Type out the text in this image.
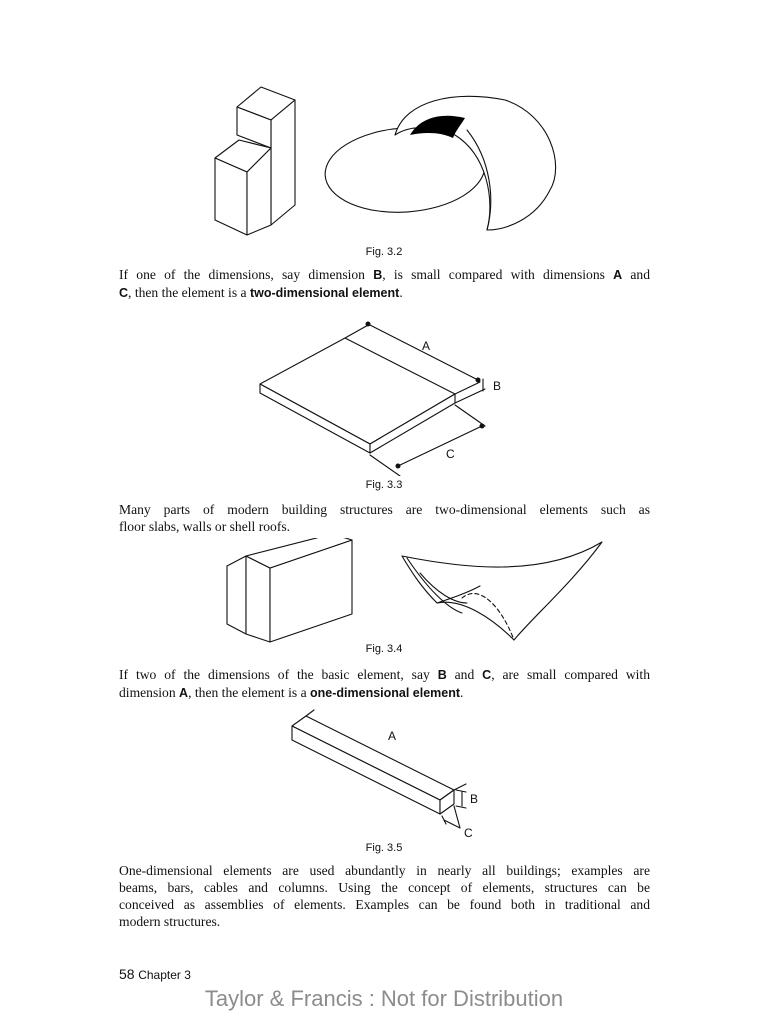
Fig. 3.2
If one of the dimensions, say dimension B, is small compared with dimensions A and
C, then the element is a two-dimensional element.
A
B
C
Fig. 3.3
Many parts of modern building structures are two-dimensional elements such as
floor slabs, walls or shell roofs.
Fig. 3.4
If two of the dimensions of the basic element, say B and C, are small compared with
dimension A, then the element is a one-dimensional element.
A
B
C
Fig. 3.5
One-dimensional elements are used abundantly in nearly all buildings; examples are
beams, bars, cables and columns. Using the concept of elements, structures can be
conceived as assemblies of elements. Examples can be found both in traditional and
modern structures.
58 Chapter 3
Taylor & Francis : Not for Distribution
